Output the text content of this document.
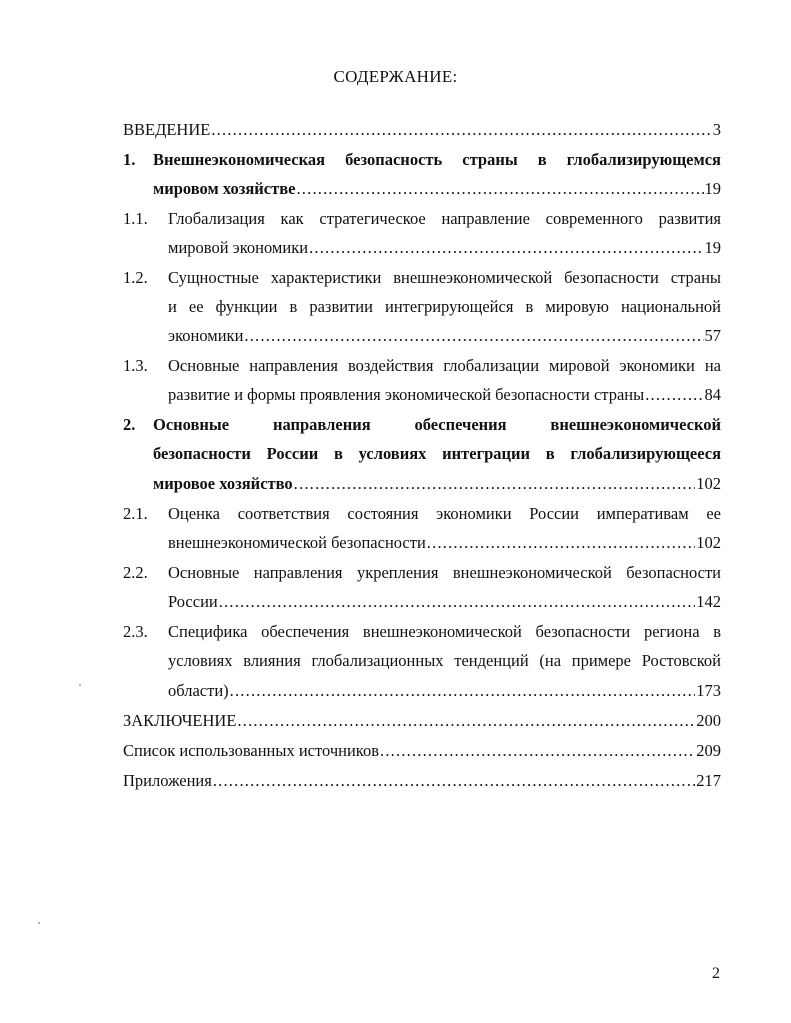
СОДЕРЖАНИЕ:
ВВЕДЕНИЕ .....	3
1. Внешнеэкономическая безопасность страны в глобализирующемся
мировом хозяйстве .....	19
1.1. Глобализация как стратегическое направление современного развития
мировой экономики .....	19
1.2. Сущностные характеристики внешнеэкономической безопасности страны
и ее функции в развитии интегрирующейся в мировую национальной
экономики .....	57
1.3. Основные направления воздействия глобализации мировой экономики на
развитие и формы проявления экономической безопасности страны .....	84
2. Основные направления обеспечения внешнеэкономической
безопасности России в условиях интеграции в глобализирующееся
мировое хозяйство .....	102
2.1. Оценка соответствия состояния экономики России императивам ее
внешнеэкономической безопасности .....	102
2.2. Основные направления укрепления внешнеэкономической безопасности
России .....	142
2.3. Специфика обеспечения внешнеэкономической безопасности региона в
условиях влияния глобализационных тенденций (на примере Ростовской
области) .....	173
ЗАКЛЮЧЕНИЕ .....	200
Список использованных источников .....	209
Приложения .....	217
2
